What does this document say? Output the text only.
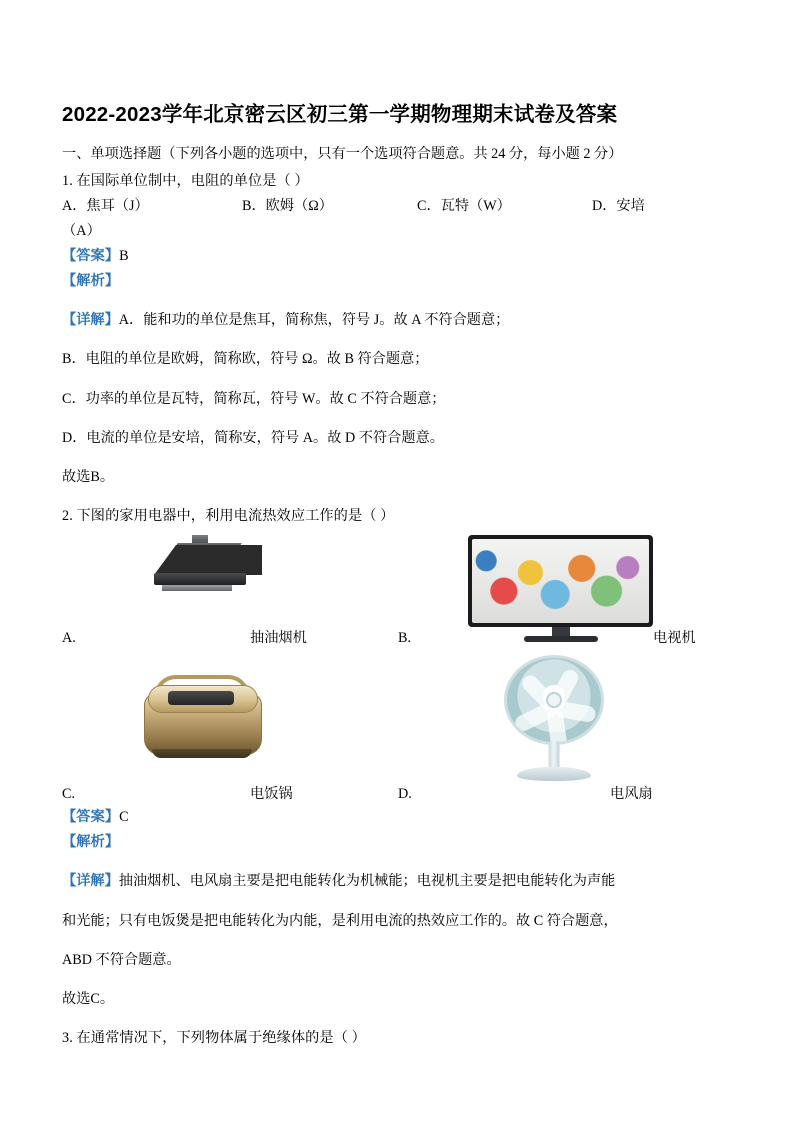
2022-2023学年北京密云区初三第一学期物理期末试卷及答案

一、单项选择题（下列各小题的选项中，只有一个选项符合题意。共 24 分，每小题 2 分）

1. 在国际单位制中，电阻的单位是（ ）

A．焦耳（J）	B．欧姆（Ω）	C．瓦特（W）	D．安培

（A）

【答案】B

【解析】

【详解】A．能和功的单位是焦耳，简称焦，符号 J。故 A 不符合题意；

B．电阻的单位是欧姆，简称欧，符号 Ω。故 B 符合题意；

C．功率的单位是瓦特，简称瓦，符号 W。故 C 不符合题意；

D．电流的单位是安培，简称安，符号 A。故 D 不符合题意。

故选B。

2. 下图的家用电器中，利用电流热效应工作的是（ ）

A.	抽油烟机	B.	电视机
C.	电饭锅	D.	电风扇

【答案】C

【解析】

【详解】抽油烟机、电风扇主要是把电能转化为机械能；电视机主要是把电能转化为声能

和光能；只有电饭煲是把电能转化为内能，是利用电流的热效应工作的。故 C 符合题意，

ABD 不符合题意。

故选C。

3. 在通常情况下，下列物体属于绝缘体的是（ ）
